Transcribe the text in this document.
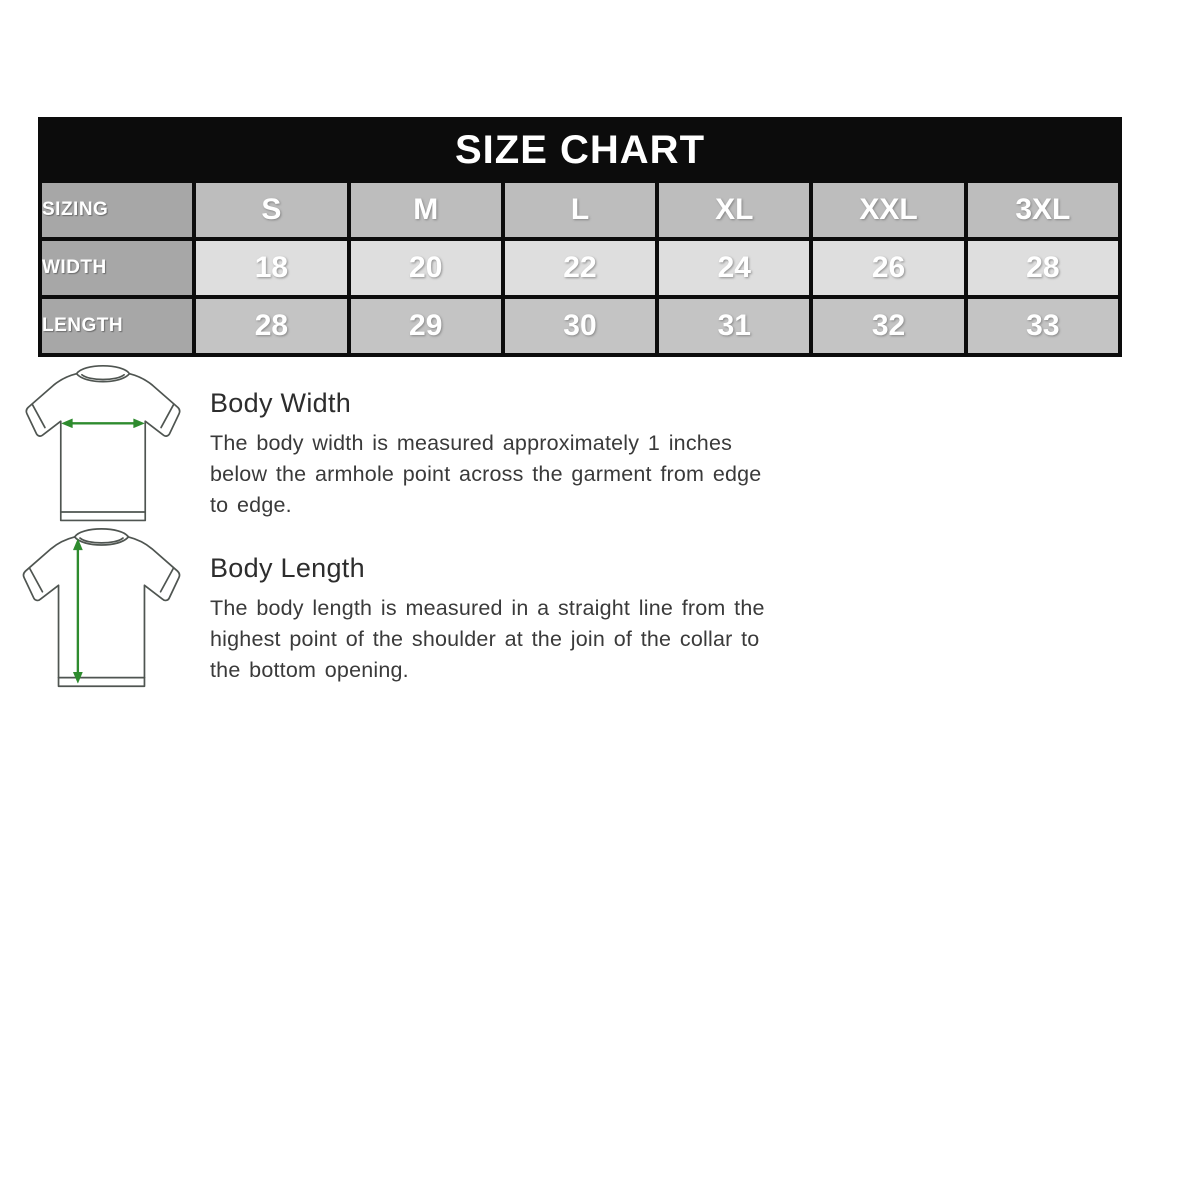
SIZE CHART						
SIZING	S	M	L	XL	XXL	3XL
WIDTH	18	20	22	24	26	28
LENGTH	28	29	30	31	32	33
Body Width

The body width is measured approximately 1 inches below the armhole point across the garment from edge to edge.

Body Length

The body length is measured in a straight line from the highest point of the shoulder at the join of the collar to the bottom opening.
